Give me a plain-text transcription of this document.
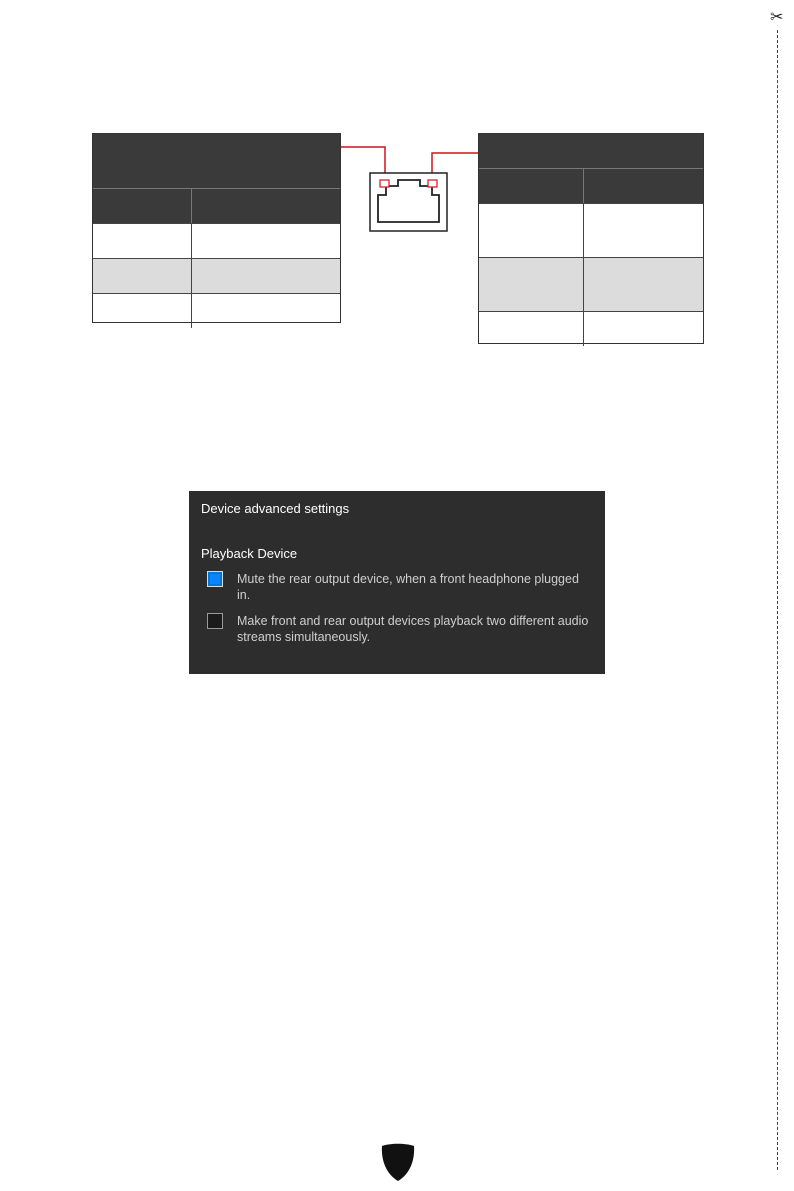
✂
Device advanced settings
Playback Device
Mute the rear output device, when a front headphone plugged in.
Make front and rear output devices playback two different audio streams simultaneously.
